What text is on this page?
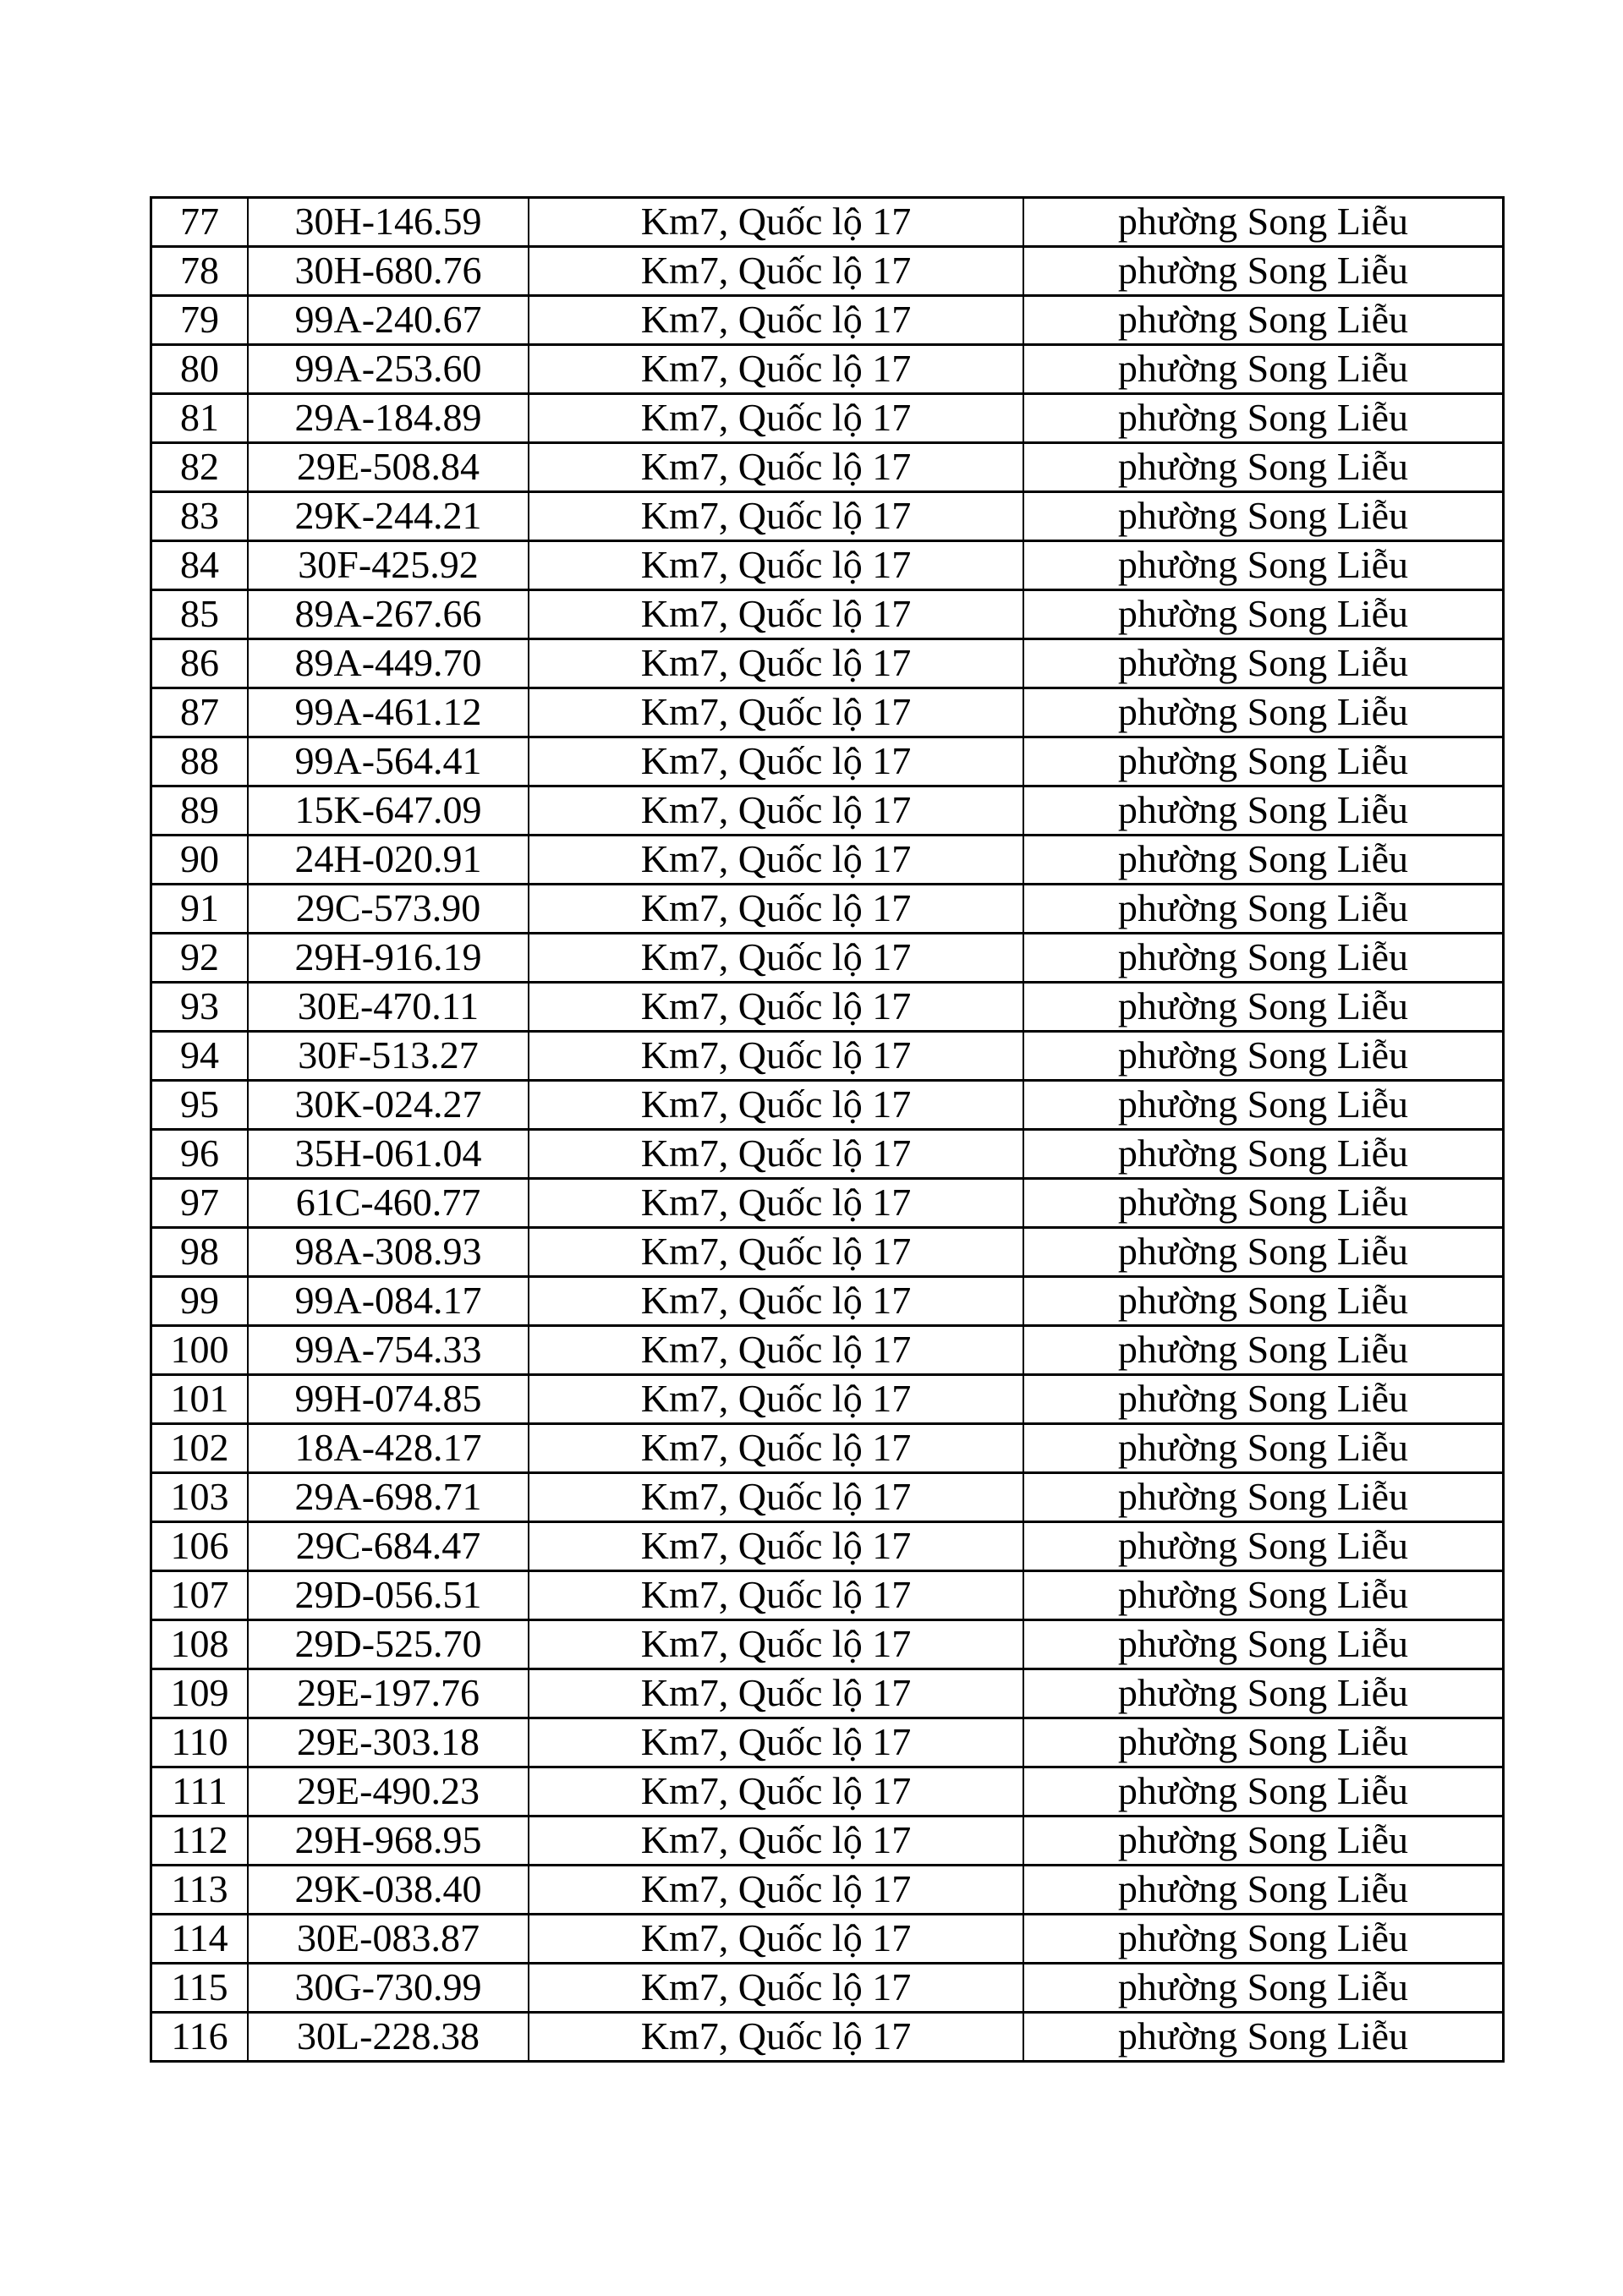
77	30H-146.59	Km7, Quốc lộ 17	phường Song Liễu
78	30H-680.76	Km7, Quốc lộ 17	phường Song Liễu
79	99A-240.67	Km7, Quốc lộ 17	phường Song Liễu
80	99A-253.60	Km7, Quốc lộ 17	phường Song Liễu
81	29A-184.89	Km7, Quốc lộ 17	phường Song Liễu
82	29E-508.84	Km7, Quốc lộ 17	phường Song Liễu
83	29K-244.21	Km7, Quốc lộ 17	phường Song Liễu
84	30F-425.92	Km7, Quốc lộ 17	phường Song Liễu
85	89A-267.66	Km7, Quốc lộ 17	phường Song Liễu
86	89A-449.70	Km7, Quốc lộ 17	phường Song Liễu
87	99A-461.12	Km7, Quốc lộ 17	phường Song Liễu
88	99A-564.41	Km7, Quốc lộ 17	phường Song Liễu
89	15K-647.09	Km7, Quốc lộ 17	phường Song Liễu
90	24H-020.91	Km7, Quốc lộ 17	phường Song Liễu
91	29C-573.90	Km7, Quốc lộ 17	phường Song Liễu
92	29H-916.19	Km7, Quốc lộ 17	phường Song Liễu
93	30E-470.11	Km7, Quốc lộ 17	phường Song Liễu
94	30F-513.27	Km7, Quốc lộ 17	phường Song Liễu
95	30K-024.27	Km7, Quốc lộ 17	phường Song Liễu
96	35H-061.04	Km7, Quốc lộ 17	phường Song Liễu
97	61C-460.77	Km7, Quốc lộ 17	phường Song Liễu
98	98A-308.93	Km7, Quốc lộ 17	phường Song Liễu
99	99A-084.17	Km7, Quốc lộ 17	phường Song Liễu
100	99A-754.33	Km7, Quốc lộ 17	phường Song Liễu
101	99H-074.85	Km7, Quốc lộ 17	phường Song Liễu
102	18A-428.17	Km7, Quốc lộ 17	phường Song Liễu
103	29A-698.71	Km7, Quốc lộ 17	phường Song Liễu
106	29C-684.47	Km7, Quốc lộ 17	phường Song Liễu
107	29D-056.51	Km7, Quốc lộ 17	phường Song Liễu
108	29D-525.70	Km7, Quốc lộ 17	phường Song Liễu
109	29E-197.76	Km7, Quốc lộ 17	phường Song Liễu
110	29E-303.18	Km7, Quốc lộ 17	phường Song Liễu
111	29E-490.23	Km7, Quốc lộ 17	phường Song Liễu
112	29H-968.95	Km7, Quốc lộ 17	phường Song Liễu
113	29K-038.40	Km7, Quốc lộ 17	phường Song Liễu
114	30E-083.87	Km7, Quốc lộ 17	phường Song Liễu
115	30G-730.99	Km7, Quốc lộ 17	phường Song Liễu
116	30L-228.38	Km7, Quốc lộ 17	phường Song Liễu
